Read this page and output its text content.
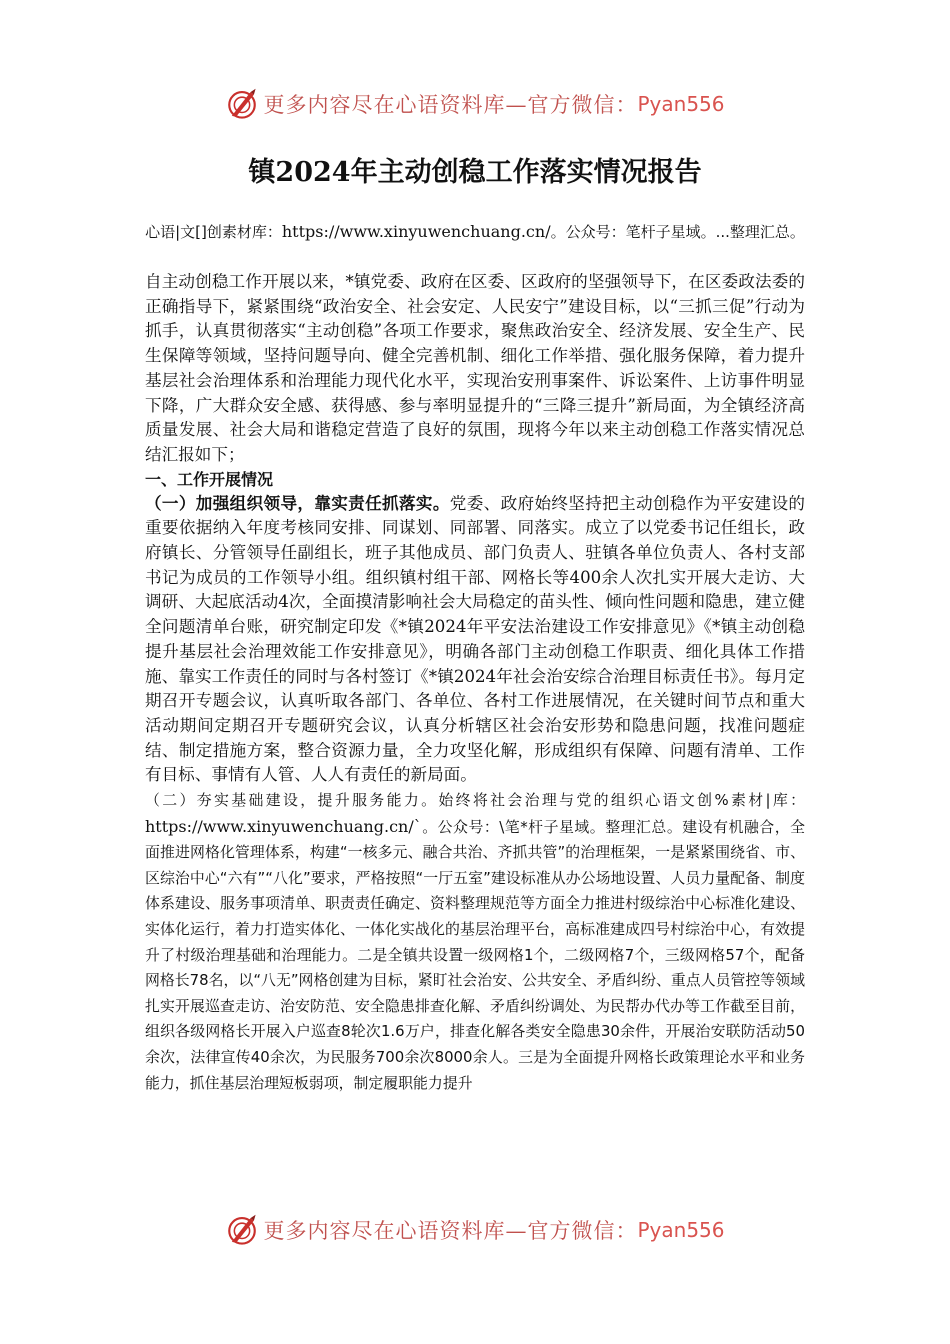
更多内容尽在心语资料库—官方微信： Pyan556
镇2024年主动创稳工作落实情况报告
心语|文[]创素材库：https://www.xinyuwenchuang.cn/。公众号：笔杆子星域。...整理汇总。

自主动创稳工作开展以来，*镇党委、政府在区委、区政府的坚强领导下，在区委政法委的正确指导下，紧紧围绕“政治安全、社会安定、人民安宁”建设目标，以“三抓三促”行动为抓手，认真贯彻落实“主动创稳”各项工作要求，聚焦政治安全、经济发展、安全生产、民生保障等领域，坚持问题导向、健全完善机制、细化工作举措、强化服务保障，着力提升基层社会治理体系和治理能力现代化水平，实现治安刑事案件、诉讼案件、上访事件明显下降，广大群众安全感、获得感、参与率明显提升的“三降三提升”新局面，为全镇经济高质量发展、社会大局和谐稳定营造了良好的氛围，现将今年以来主动创稳工作落实情况总结汇报如下；

一、工作开展情况

（一）加强组织领导，靠实责任抓落实。党委、政府始终坚持把主动创稳作为平安建设的重要依据纳入年度考核同安排、同谋划、同部署、同落实。成立了以党委书记任组长，政府镇长、分管领导任副组长，班子其他成员、部门负责人、驻镇各单位负责人、各村支部书记为成员的工作领导小组。组织镇村组干部、网格长等400余人次扎实开展大走访、大调研、大起底活动4次，全面摸清影响社会大局稳定的苗头性、倾向性问题和隐患，建立健全问题清单台账，研究制定印发《*镇2024年平安法治建设工作安排意见》《*镇主动创稳提升基层社会治理效能工作安排意见》，明确各部门主动创稳工作职责、细化具体工作措施、靠实工作责任的同时与各村签订《*镇2024年社会治安综合治理目标责任书》。每月定期召开专题会议，认真听取各部门、各单位、各村工作进展情况，在关键时间节点和重大活动期间定期召开专题研究会议，认真分析辖区社会治安形势和隐患问题，找准问题症结、制定措施方案，整合资源力量，全力攻坚化解，形成组织有保障、问题有清单、工作有目标、事情有人管、人人有责任的新局面。

（二）夯实基础建设，提升服务能力。始终将社会治理与党的组织心语文创%素材|库：https://www.xinyuwenchuang.cn/`。公众号：\笔*杆子星域。整理汇总。建设有机融合，全面推进网格化管理体系，构建“一核多元、融合共治、齐抓共管”的治理框架，一是紧紧围绕省、市、区综治中心“六有”“八化”要求，严格按照“一厅五室”建设标准从办公场地设置、人员力量配备、制度体系建设、服务事项清单、职责责任确定、资料整理规范等方面全力推进村级综治中心标准化建设、实体化运行，着力打造实体化、一体化实战化的基层治理平台，高标准建成四号村综治中心，有效提升了村级治理基础和治理能力。二是全镇共设置一级网格1个，二级网格7个，三级网格57个，配备网格长78名，以“八无”网格创建为目标，紧盯社会治安、公共安全、矛盾纠纷、重点人员管控等领域扎实开展巡查走访、治安防范、安全隐患排查化解、矛盾纠纷调处、为民帮办代办等工作截至目前，组织各级网格长开展入户巡查8轮次1.6万户，排查化解各类安全隐患30余件，开展治安联防活动50余次，法律宣传40余次，为民服务700余次8000余人。三是为全面提升网格长政策理论水平和业务能力，抓住基层治理短板弱项，制定履职能力提升

更多内容尽在心语资料库—官方微信： Pyan556
